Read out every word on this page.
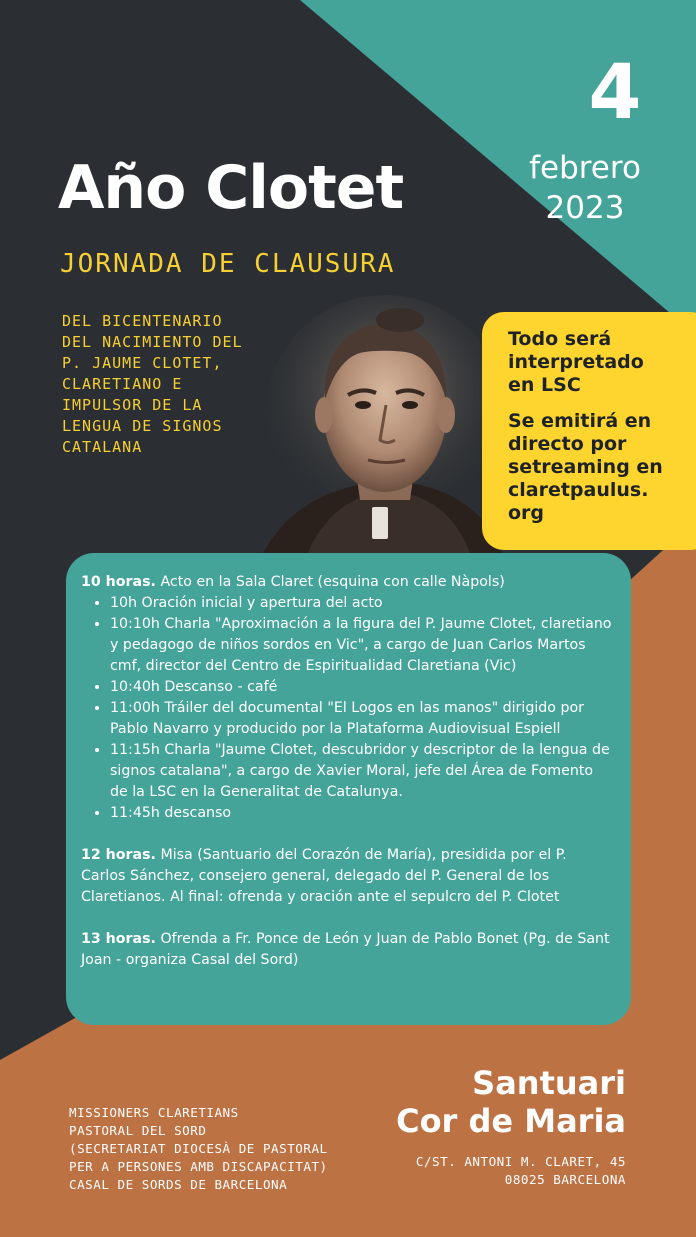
4
febrero
2023
Año Clotet
JORNADA DE CLAUSURA
DEL BICENTENARIO
DEL NACIMIENTO DEL
P. JAUME CLOTET,
CLARETIANO E
IMPULSOR DE LA
LENGUA DE SIGNOS
CATALANA

Todo será
interpretado
en LSC

Se emitirá en
directo por
setreaming en
claretpaulus.
org

10 horas. Acto en la Sala Claret (esquina con calle Nàpols)

• 10h Oración inicial y apertura del acto
• 10:10h Charla "Aproximación a la figura del P. Jaume Clotet, claretiano y pedagogo de niños sordos en Vic", a cargo de Juan Carlos Martos cmf, director del Centro de Espiritualidad Claretiana (Vic)
• 10:40h Descanso - café
• 11:00h Tráiler del documental "El Logos en las manos" dirigido por Pablo Navarro y producido por la Plataforma Audiovisual Espiell
• 11:15h Charla "Jaume Clotet, descubridor y descriptor de la lengua de signos catalana", a cargo de Xavier Moral, jefe del Área de Fomento de la LSC en la Generalitat de Catalunya.
• 11:45h descanso

12 horas. Misa (Santuario del Corazón de María), presidida por el P. Carlos Sánchez, consejero general, delegado del P. General de los Claretianos. Al final: ofrenda y oración ante el sepulcro del P. Clotet

13 horas. Ofrenda a Fr. Ponce de León y Juan de Pablo Bonet (Pg. de Sant Joan - organiza Casal del Sord)

MISSIONERS CLARETIANS
PASTORAL DEL SORD
(SECRETARIAT DIOCESÀ DE PASTORAL
PER A PERSONES AMB DISCAPACITAT)
CASAL DE SORDS DE BARCELONA
Santuari
Cor de Maria
C/ST. ANTONI M. CLARET, 45
08025 BARCELONA
